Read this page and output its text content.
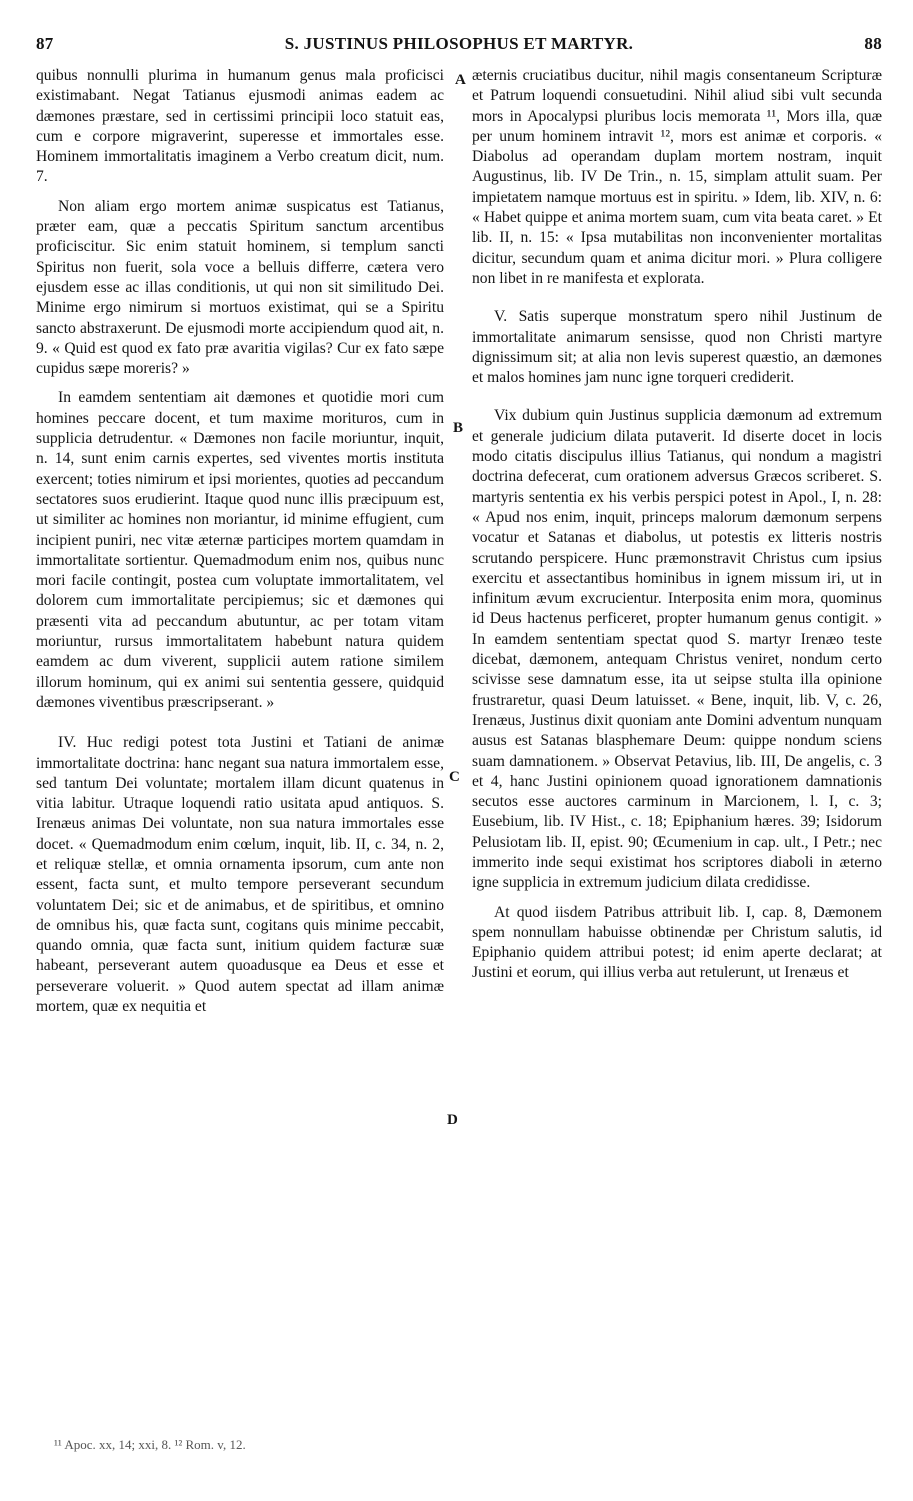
87	S. JUSTINUS PHILOSOPHUS ET MARTYR.	88
A
B
C
D

quibus nonnulli plurima in humanum genus mala proficisci existimabant. Negat Tatianus ejusmodi animas eadem ac dæmones præstare, sed in certissimi principii loco statuit eas, cum e corpore migraverint, superesse et immortales esse. Hominem immortalitatis imaginem a Verbo creatum dicit, num. 7.

Non aliam ergo mortem animæ suspicatus est Tatianus, præter eam, quæ a peccatis Spiritum sanctum arcentibus proficiscitur. Sic enim statuit hominem, si templum sancti Spiritus non fuerit, sola voce a belluis differre, cætera vero ejusdem esse ac illas conditionis, ut qui non sit similitudo Dei. Minime ergo nimirum si mortuos existimat, qui se a Spiritu sancto abstraxerunt. De ejusmodi morte accipiendum quod ait, n. 9. « Quid est quod ex fato præ avaritia vigilas? Cur ex fato sæpe cupidus sæpe moreris? »

In eamdem sententiam ait dæmones et quotidie mori cum homines peccare docent, et tum maxime morituros, cum in supplicia detrudentur. « Dæmones non facile moriuntur, inquit, n. 14, sunt enim carnis expertes, sed viventes mortis instituta exercent; toties nimirum et ipsi morientes, quoties ad peccandum sectatores suos erudierint. Itaque quod nunc illis præcipuum est, ut similiter ac homines non moriantur, id minime effugient, cum incipient puniri, nec vitæ æternæ participes mortem quamdam in immortalitate sortientur. Quemadmodum enim nos, quibus nunc mori facile contingit, postea cum voluptate immortalitatem, vel dolorem cum immortalitate percipiemus; sic et dæmones qui præsenti vita ad peccandum abutuntur, ac per totam vitam moriuntur, rursus immortalitatem habebunt natura quidem eamdem ac dum viverent, supplicii autem ratione similem illorum hominum, qui ex animi sui sententia gessere, quidquid dæmones viventibus præscripserant. »

IV. Huc redigi potest tota Justini et Tatiani de animæ immortalitate doctrina: hanc negant sua natura immortalem esse, sed tantum Dei voluntate; mortalem illam dicunt quatenus in vitia labitur. Utraque loquendi ratio usitata apud antiquos. S. Irenæus animas Dei voluntate, non sua natura immortales esse docet. « Quemadmodum enim cœlum, inquit, lib. II, c. 34, n. 2, et reliquæ stellæ, et omnia ornamenta ipsorum, cum ante non essent, facta sunt, et multo tempore perseverant secundum voluntatem Dei; sic et de animabus, et de spiritibus, et omnino de omnibus his, quæ facta sunt, cogitans quis minime peccabit, quando omnia, quæ facta sunt, initium quidem facturæ suæ habeant, perseverant autem quoadusque ea Deus et esse et perseverare voluerit. » Quod autem spectat ad illam animæ mortem, quæ ex nequitia et

æternis cruciatibus ducitur, nihil magis consentaneum Scripturæ et Patrum loquendi consuetudini. Nihil aliud sibi vult secunda mors in Apocalypsi pluribus locis memorata ¹¹, Mors illa, quæ per unum hominem intravit ¹², mors est animæ et corporis. « Diabolus ad operandam duplam mortem nostram, inquit Augustinus, lib. IV De Trin., n. 15, simplam attulit suam. Per impietatem namque mortuus est in spiritu. » Idem, lib. XIV, n. 6: « Habet quippe et anima mortem suam, cum vita beata caret. » Et lib. II, n. 15: « Ipsa mutabilitas non inconvenienter mortalitas dicitur, secundum quam et anima dicitur mori. » Plura colligere non libet in re manifesta et explorata.

V. Satis superque monstratum spero nihil Justinum de immortalitate animarum sensisse, quod non Christi martyre dignissimum sit; at alia non levis superest quæstio, an dæmones et malos homines jam nunc igne torqueri crediderit.

Vix dubium quin Justinus supplicia dæmonum ad extremum et generale judicium dilata putaverit. Id diserte docet in locis modo citatis discipulus illius Tatianus, qui nondum a magistri doctrina defecerat, cum orationem adversus Græcos scriberet. S. martyris sententia ex his verbis perspici potest in Apol., I, n. 28: « Apud nos enim, inquit, princeps malorum dæmonum serpens vocatur et Satanas et diabolus, ut potestis ex litteris nostris scrutando perspicere. Hunc præmonstravit Christus cum ipsius exercitu et assectantibus hominibus in ignem missum iri, ut in infinitum ævum excrucientur. Interposita enim mora, quominus id Deus hactenus perficeret, propter humanum genus contigit. » In eamdem sententiam spectat quod S. martyr Irenæo teste dicebat, dæmonem, antequam Christus veniret, nondum certo scivisse sese damnatum esse, ita ut seipse stulta illa opinione frustraretur, quasi Deum latuisset. « Bene, inquit, lib. V, c. 26, Irenæus, Justinus dixit quoniam ante Domini adventum nunquam ausus est Satanas blasphemare Deum: quippe nondum sciens suam damnationem. » Observat Petavius, lib. III, De angelis, c. 3 et 4, hanc Justini opinionem quoad ignorationem damnationis secutos esse auctores carminum in Marcionem, l. I, c. 3; Eusebium, lib. IV Hist., c. 18; Epiphanium hæres. 39; Isidorum Pelusiotam lib. II, epist. 90; Œcumenium in cap. ult., I Petr.; nec immerito inde sequi existimat hos scriptores diaboli in æterno igne supplicia in extremum judicium dilata credidisse.

At quod iisdem Patribus attribuit lib. I, cap. 8, Dæmonem spem nonnullam habuisse obtinendæ per Christum salutis, id Epiphanio quidem attribui potest; id enim aperte declarat; at Justini et eorum, qui illius verba aut retulerunt, ut Irenæus et

¹¹ Apoc. xx, 14; xxi, 8. ¹² Rom. v, 12.
